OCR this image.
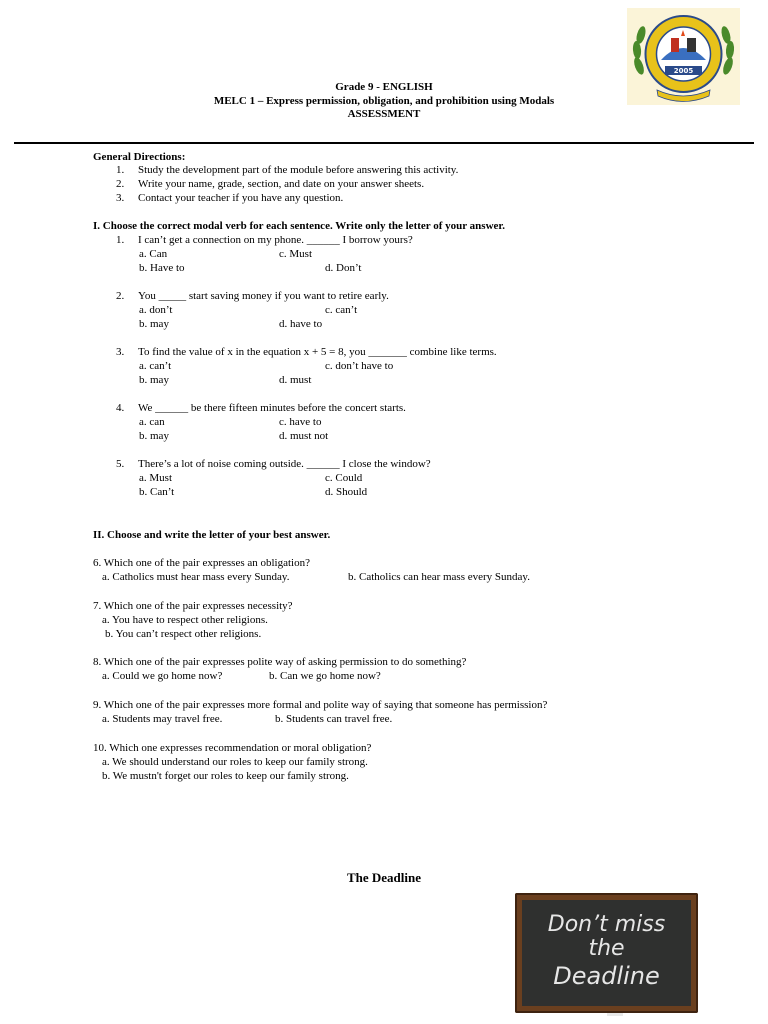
2005
Grade 9 - ENGLISH
MELC 1 – Express permission, obligation, and prohibition using Modals
ASSESSMENT
General Directions:
1. Study the development part of the module before answering this activity.
2. Write your name, grade, section, and date on your answer sheets.
3. Contact your teacher if you have any question.
I. Choose the correct modal verb for each sentence. Write only the letter of your answer.
1. I can’t get a connection on my phone. ______ I borrow yours?
a. Can	c. Must
b. Have to	d. Don’t
2. You _____ start saving money if you want to retire early.
a. don’t	c. can’t
b. may	d. have to
3. To find the value of x in the equation x + 5 = 8, you _______ combine like terms.
a. can’t	c. don’t have to
b. may	d. must
4. We ______ be there fifteen minutes before the concert starts.
a. can	c. have to
b. may	d. must not
5. There’s a lot of noise coming outside. ______ I close the window?
a. Must	c. Could
b. Can’t	d. Should
II. Choose and write the letter of your best answer.
6. Which one of the pair expresses an obligation?
a. Catholics must hear mass every Sunday.	b. Catholics can hear mass every Sunday.
7. Which one of the pair expresses necessity?
a. You have to respect other religions.
b. You can’t respect other religions.
8. Which one of the pair expresses polite way of asking permission to do something?
a. Could we go home now?	b. Can we go home now?
9. Which one of the pair expresses more formal and polite way of saying that someone has permission?
a. Students may travel free.	b. Students can travel free.
10. Which one expresses recommendation or moral obligation?
a. We should understand our roles to keep our family strong.
b. We mustn't forget our roles to keep our family strong.
The Deadline
Don’t miss
the
Deadline
